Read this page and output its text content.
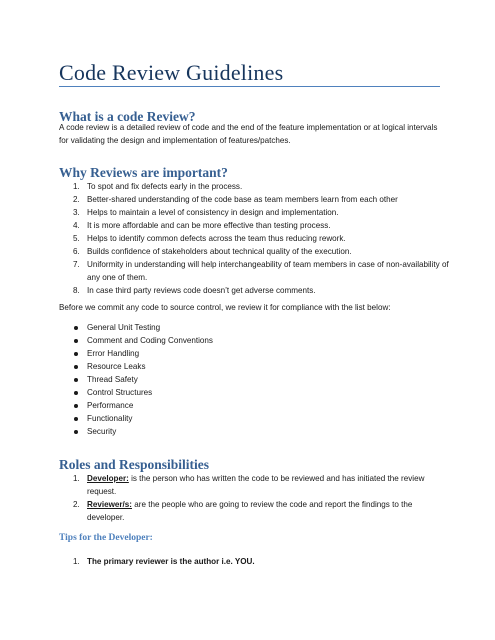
Code Review Guidelines
What is a code Review?
A code review is a detailed review of code and the end of the feature implementation or at logical intervals for validating the design and implementation of features/patches.
Why Reviews are important?
1. To spot and fix defects early in the process.
2. Better-shared understanding of the code base as team members learn from each other
3. Helps to maintain a level of consistency in design and implementation.
4. It is more affordable and can be more effective than testing process.
5. Helps to identify common defects across the team thus reducing rework.
6. Builds confidence of stakeholders about technical quality of the execution.
7. Uniformity in understanding will help interchangeability of team members in case of non-availability of any one of them.
8. In case third party reviews code doesn’t get adverse comments.
Before we commit any code to source control, we review it for compliance with the list below:
General Unit Testing
Comment and Coding Conventions
Error Handling
Resource Leaks
Thread Safety
Control Structures
Performance
Functionality
Security
Roles and Responsibilities
1. Developer: is the person who has written the code to be reviewed and has initiated the review request.
2. Reviewer/s: are the people who are going to review the code and report the findings to the developer.
Tips for the Developer:
1. The primary reviewer is the author i.e. YOU.
